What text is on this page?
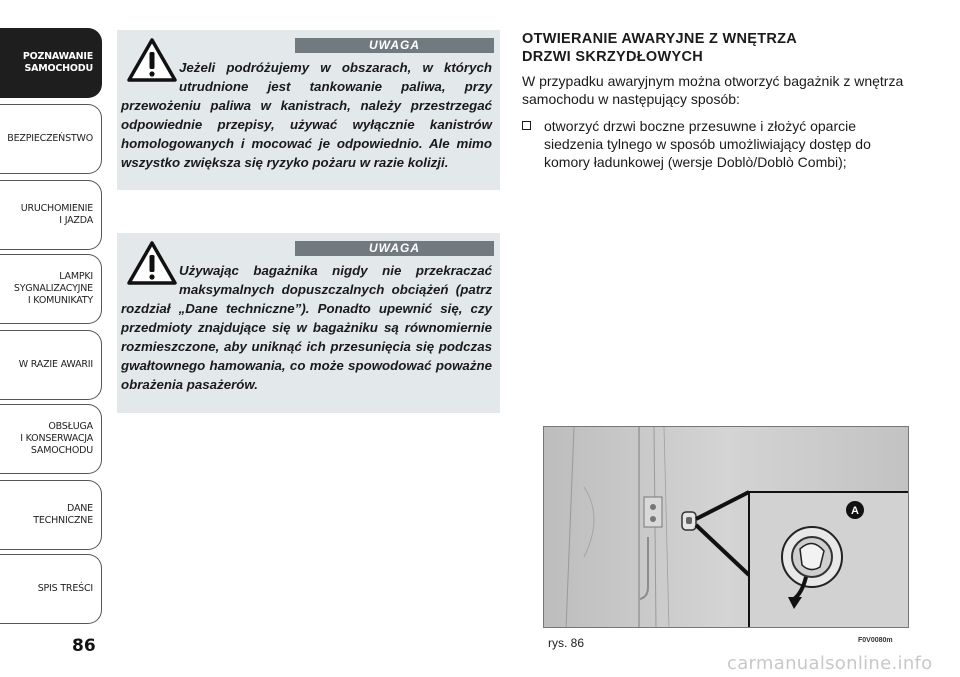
POZNAWANIE
SAMOCHODU
BEZPIECZEŃSTWO
URUCHOMIENIE
I JAZDA
LAMPKI
SYGNALIZACYJNE
I KOMUNIKATY
W RAZIE AWARII
OBSŁUGA
I KONSERWACJA
SAMOCHODU
DANE
TECHNICZNE
SPIS TREŚCI
86
UWAGA
Jeżeli podróżujemy w obszarach, w których utrudnione jest tankowanie paliwa, przy przewożeniu paliwa w kanistrach, należy przestrzegać odpowiednie przepisy, używać wyłącznie kanistrów homologowanych i mocować je odpowiednio. Ale mimo wszystko zwiększa się ryzyko pożaru w razie kolizji.
UWAGA
Używając bagażnika nigdy nie przekraczać maksymalnych dopuszczalnych obciążeń (patrz rozdział „Dane techniczne”). Ponadto upewnić się, czy przedmioty znajdujące się w bagażniku są równomiernie rozmieszczone, aby uniknąć ich przesunięcia się podczas gwałtownego hamowania, co może spowodować poważne obrażenia pasażerów.
OTWIERANIE AWARYJNE Z WNĘTRZA
DRZWI SKRZYDŁOWYCH
W przypadku awaryjnym można otworzyć bagażnik z wnętrza samochodu w następujący sposób:
otworzyć drzwi boczne przesuwne i złożyć oparcie siedzenia tylnego w sposób umożliwiający dostęp do komory ładunkowej (wersje Doblò/Doblò Combi);
A
rys. 86	F0V0080m
carmanualsonline.info
